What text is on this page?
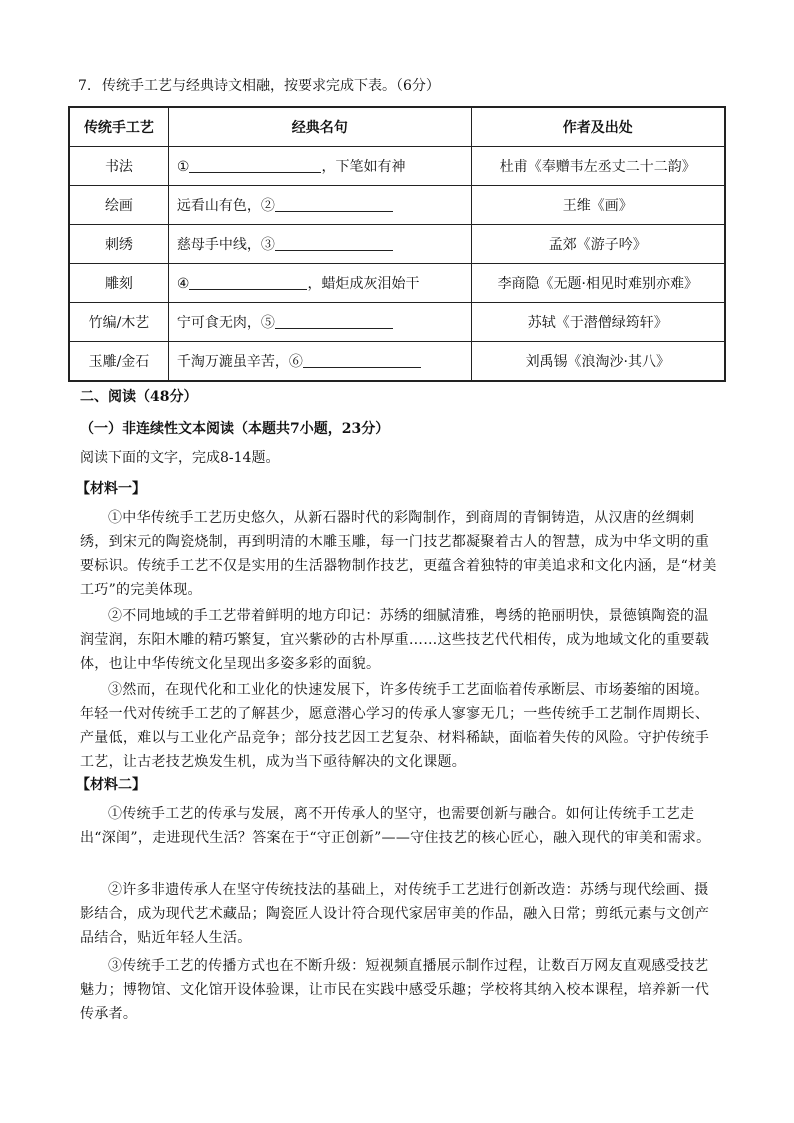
7. 传统手工艺与经典诗文相融，按要求完成下表。（6分）
传统手工艺	经典名句	作者及出处
书法	① ，下笔如有神	杜甫《奉赠韦左丞丈二十二韵》
绘画	远看山有色，②	王维《画》
刺绣	慈母手中线，③	孟郊《游子吟》
雕刻	④ ，蜡炬成灰泪始干	李商隐《无题·相见时难别亦难》
竹编/木艺	宁可食无肉，⑤	苏轼《于潜僧绿筠轩》
玉雕/金石	千淘万漉虽辛苦，⑥	刘禹锡《浪淘沙·其八》
二、阅读（48分）
（一）非连续性文本阅读（本题共7小题，23分）
阅读下面的文字，完成8-14题。
【材料一】
①中华传统手工艺历史悠久，从新石器时代的彩陶制作，到商周的青铜铸造，从汉唐的丝绸刺绣，到宋元的陶瓷烧制，再到明清的木雕玉雕，每一门技艺都凝聚着古人的智慧，成为中华文明的重要标识。传统手工艺不仅是实用的生活器物制作技艺，更蕴含着独特的审美追求和文化内涵，是“材美工巧”的完美体现。
②不同地域的手工艺带着鲜明的地方印记：苏绣的细腻清雅，粤绣的艳丽明快，景德镇陶瓷的温润莹润，东阳木雕的精巧繁复，宜兴紫砂的古朴厚重……这些技艺代代相传，成为地域文化的重要载体，也让中华传统文化呈现出多姿多彩的面貌。
③然而，在现代化和工业化的快速发展下，许多传统手工艺面临着传承断层、市场萎缩的困境。年轻一代对传统手工艺的了解甚少，愿意潜心学习的传承人寥寥无几；一些传统手工艺制作周期长、产量低，难以与工业化产品竞争；部分技艺因工艺复杂、材料稀缺，面临着失传的风险。守护传统手工艺，让古老技艺焕发生机，成为当下亟待解决的文化课题。
【材料二】
①传统手工艺的传承与发展，离不开传承人的坚守，也需要创新与融合。如何让传统手工艺走出“深闺”，走进现代生活？答案在于“守正创新”——守住技艺的核心匠心，融入现代的审美和需求。
②许多非遗传承人在坚守传统技法的基础上，对传统手工艺进行创新改造：苏绣与现代绘画、摄影结合，成为现代艺术藏品；陶瓷匠人设计符合现代家居审美的作品，融入日常；剪纸元素与文创产品结合，贴近年轻人生活。
③传统手工艺的传播方式也在不断升级：短视频直播展示制作过程，让数百万网友直观感受技艺魅力；博物馆、文化馆开设体验课，让市民在实践中感受乐趣；学校将其纳入校本课程，培养新一代传承者。
